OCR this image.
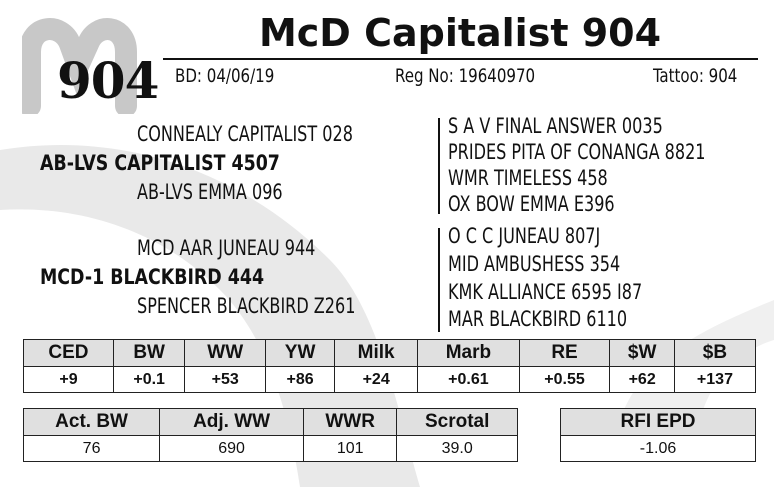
904
McD Capitalist 904
BD: 04/06/19	Reg No: 19640970	Tattoo: 904
CONNEALY CAPITALIST 028
AB-LVS CAPITALIST 4507
AB-LVS EMMA 096
MCD AAR JUNEAU 944
MCD-1 BLACKBIRD 444
SPENCER BLACKBIRD Z261
S A V FINAL ANSWER 0035
PRIDES PITA OF CONANGA 8821
WMR TIMELESS 458
OX BOW EMMA E396
O C C JUNEAU 807J
MID AMBUSHESS 354
KMK ALLIANCE 6595 I87
MAR BLACKBIRD 6110
CED	BW	WW	YW	Milk	Marb	RE	$W	$B
+9	+0.1	+53	+86	+24	+0.61	+0.55	+62	+137
Act. BW	Adj. WW	WWR	Scrotal
76	690	101	39.0
RFI EPD
-1.06
